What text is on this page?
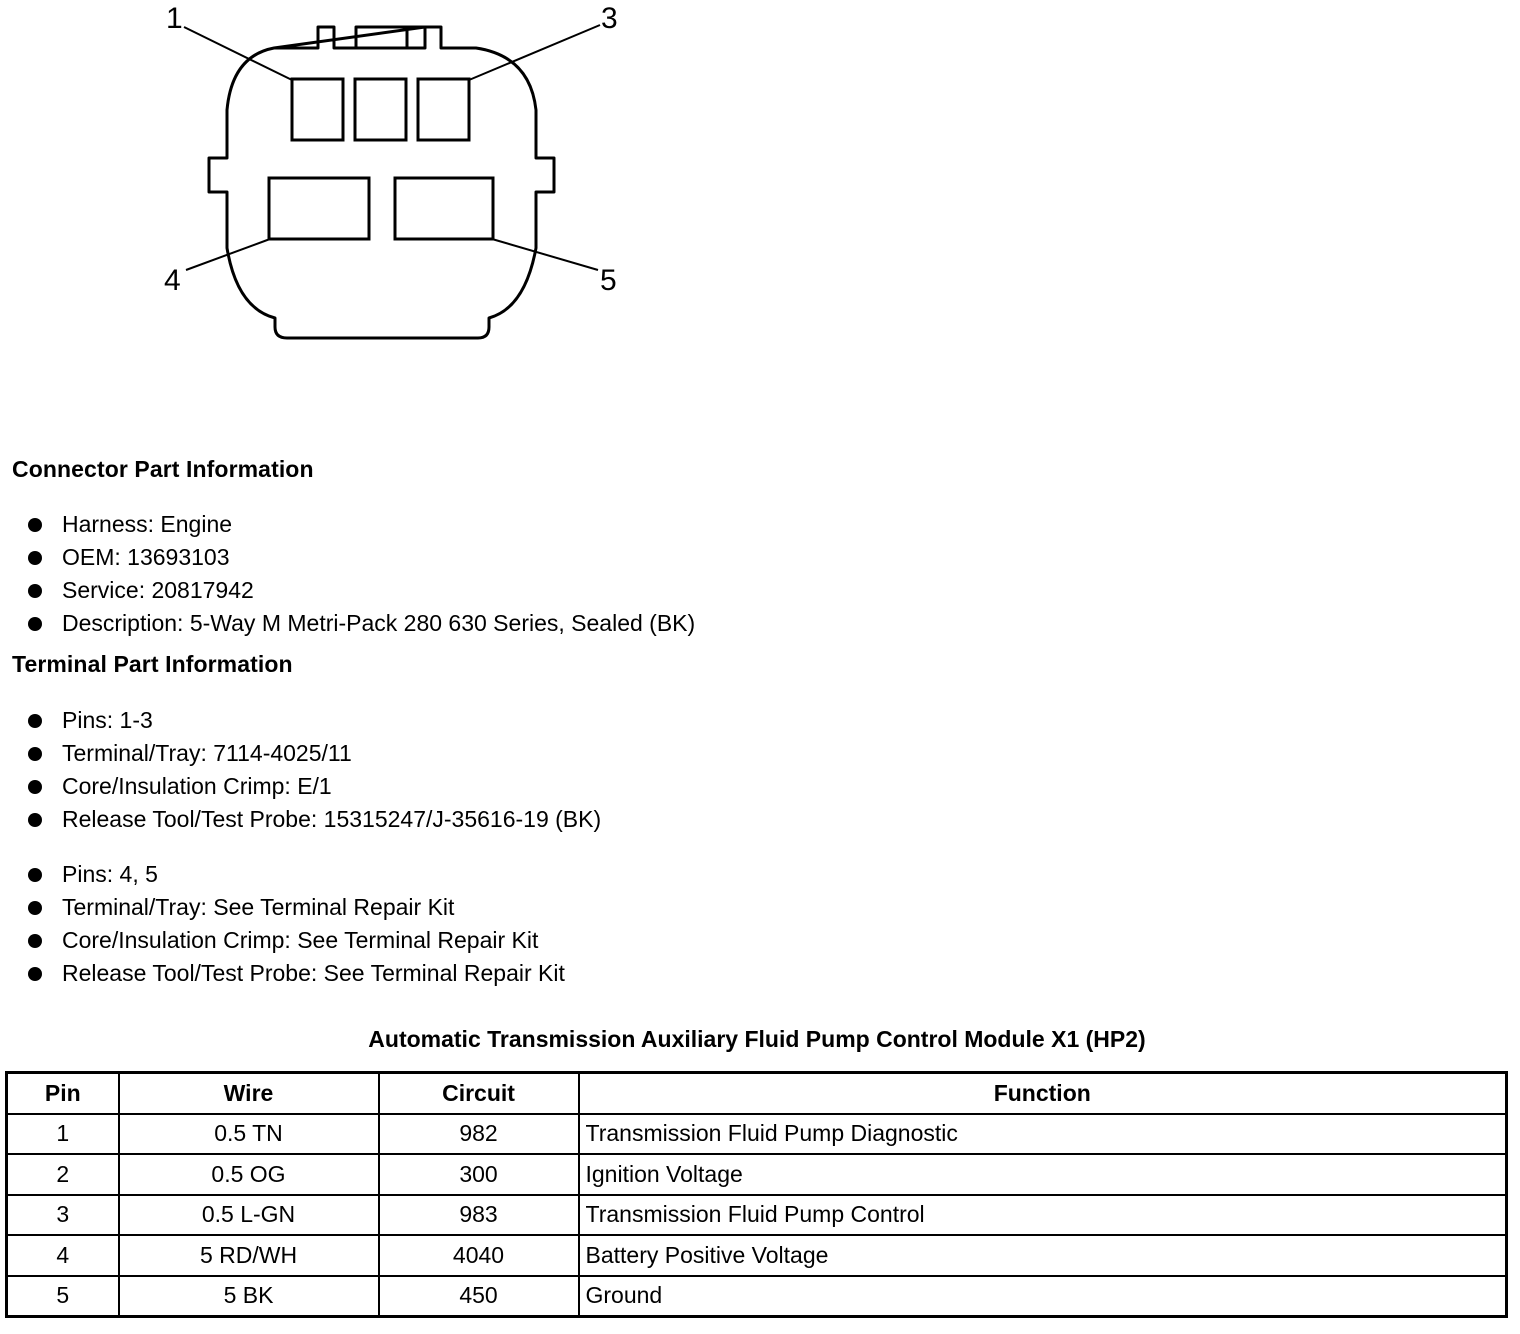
1	3
4	5
Connector Part Information
Harness: Engine
OEM: 13693103
Service: 20817942
Description: 5-Way M Metri-Pack 280 630 Series, Sealed (BK)
Terminal Part Information
Pins: 1-3
Terminal/Tray: 7114-4025/11
Core/Insulation Crimp: E/1
Release Tool/Test Probe: 15315247/J-35616-19 (BK)
Pins: 4, 5
Terminal/Tray: See Terminal Repair Kit
Core/Insulation Crimp: See Terminal Repair Kit
Release Tool/Test Probe: See Terminal Repair Kit
Automatic Transmission Auxiliary Fluid Pump Control Module X1 (HP2)
Pin	Wire	Circuit	Function
1	0.5 TN	982	Transmission Fluid Pump Diagnostic
2	0.5 OG	300	Ignition Voltage
3	0.5 L-GN	983	Transmission Fluid Pump Control
4	5 RD/WH	4040	Battery Positive Voltage
5	5 BK	450	Ground
